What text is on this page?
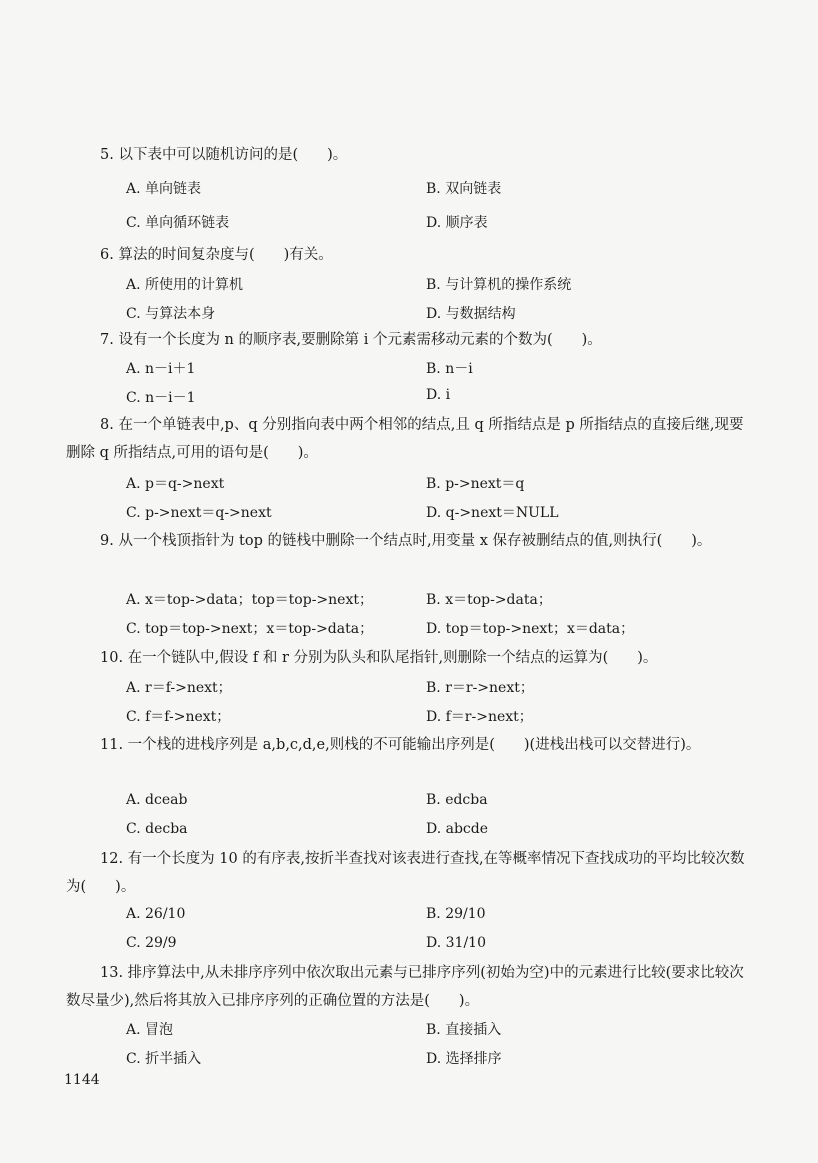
5. 以下表中可以随机访问的是(　　)。
A. 单向链表	B. 双向链表
C. 单向循环链表	D. 顺序表
6. 算法的时间复杂度与(　　)有关。
A. 所使用的计算机	B. 与计算机的操作系统
C. 与算法本身	D. 与数据结构
7. 设有一个长度为 n 的顺序表,要删除第 i 个元素需移动元素的个数为(　　)。
A. n－i＋1	B. n－i
C. n－i－1	D. i
8. 在一个单链表中,p、q 分别指向表中两个相邻的结点,且 q 所指结点是 p 所指结点的直接后继,现要删除 q 所指结点,可用的语句是(　　)。
A. p＝q->next	B. p->next＝q
C. p->next＝q->next	D. q->next＝NULL
9. 从一个栈顶指针为 top 的链栈中删除一个结点时,用变量 x 保存被删结点的值,则执行(　　)。
A. x＝top->data；top＝top->next；	B. x＝top->data；
C. top＝top->next；x＝top->data；	D. top＝top->next；x＝data；
10. 在一个链队中,假设 f 和 r 分别为队头和队尾指针,则删除一个结点的运算为(　　)。
A. r＝f->next；	B. r＝r->next；
C. f＝f->next；	D. f＝r->next；
11. 一个栈的进栈序列是 a,b,c,d,e,则栈的不可能输出序列是(　　)(进栈出栈可以交替进行)。
A. dceab	B. edcba
C. decba	D. abcde
12. 有一个长度为 10 的有序表,按折半查找对该表进行查找,在等概率情况下查找成功的平均比较次数为(　　)。
A. 26/10	B. 29/10
C. 29/9	D. 31/10
13. 排序算法中,从未排序序列中依次取出元素与已排序序列(初始为空)中的元素进行比较(要求比较次数尽量少),然后将其放入已排序序列的正确位置的方法是(　　)。
A. 冒泡	B. 直接插入
C. 折半插入	D. 选择排序
1144
